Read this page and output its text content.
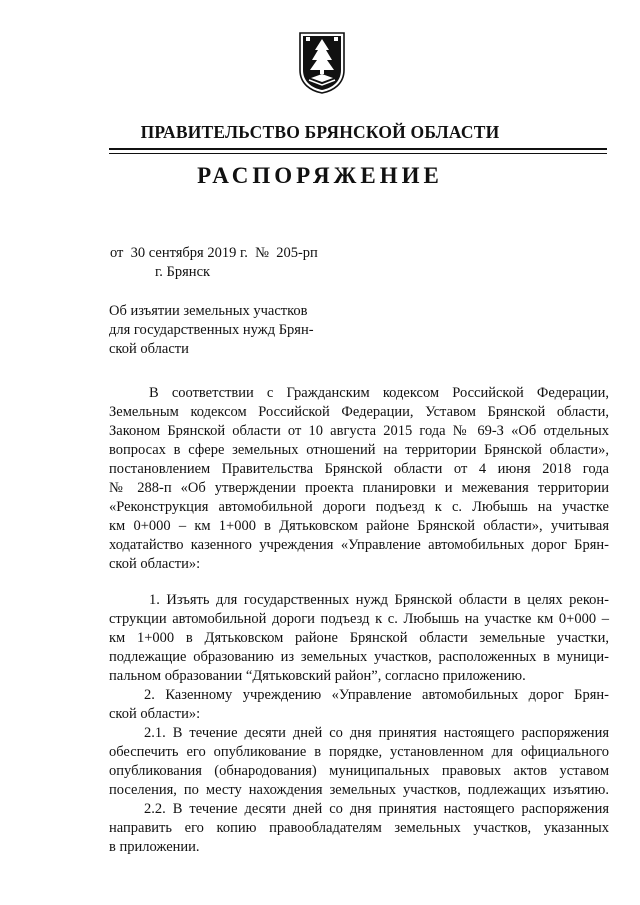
ПРАВИТЕЛЬСТВО БРЯНСКОЙ ОБЛАСТИ
РАСПОРЯЖЕНИЕ
от  30 сентября 2019 г.  №  205-рп
г. Брянск
Об изъятии земельных участков
для государственных нужд Брян-
ской области
В соответствии с Гражданским кодексом Российской Федерации,
Земельным кодексом Российской Федерации, Уставом Брянской области,
Законом Брянской области от 10 августа 2015 года № 69-З «Об отдельных
вопросах в сфере земельных отношений на территории Брянской области»,
постановлением Правительства Брянской области от 4 июня 2018 года
№ 288-п «Об утверждении проекта планировки и межевания территории
«Реконструкция автомобильной дороги подъезд к с. Любышь на участке
км 0+000 – км 1+000 в Дятьковском районе Брянской области», учитывая
ходатайство казенного учреждения «Управление автомобильных дорог Брян-
ской области»:
1. Изъять для государственных нужд Брянской области в целях рекон-
струкции автомобильной дороги подъезд к с. Любышь на участке км 0+000 –
км 1+000 в Дятьковском районе Брянской области земельные участки,
подлежащие образованию из земельных участков, расположенных в муници-
пальном образовании “Дятьковский район”, согласно приложению.
2. Казенному учреждению «Управление автомобильных дорог Брян-
ской области»:
2.1. В течение десяти дней со дня принятия настоящего распоряжения
обеспечить его опубликование в порядке, установленном для официального
опубликования (обнародования) муниципальных правовых актов уставом
поселения, по месту нахождения земельных участков, подлежащих изъятию.
2.2. В течение десяти дней со дня принятия настоящего распоряжения
направить его копию правообладателям земельных участков, указанных
в приложении.
